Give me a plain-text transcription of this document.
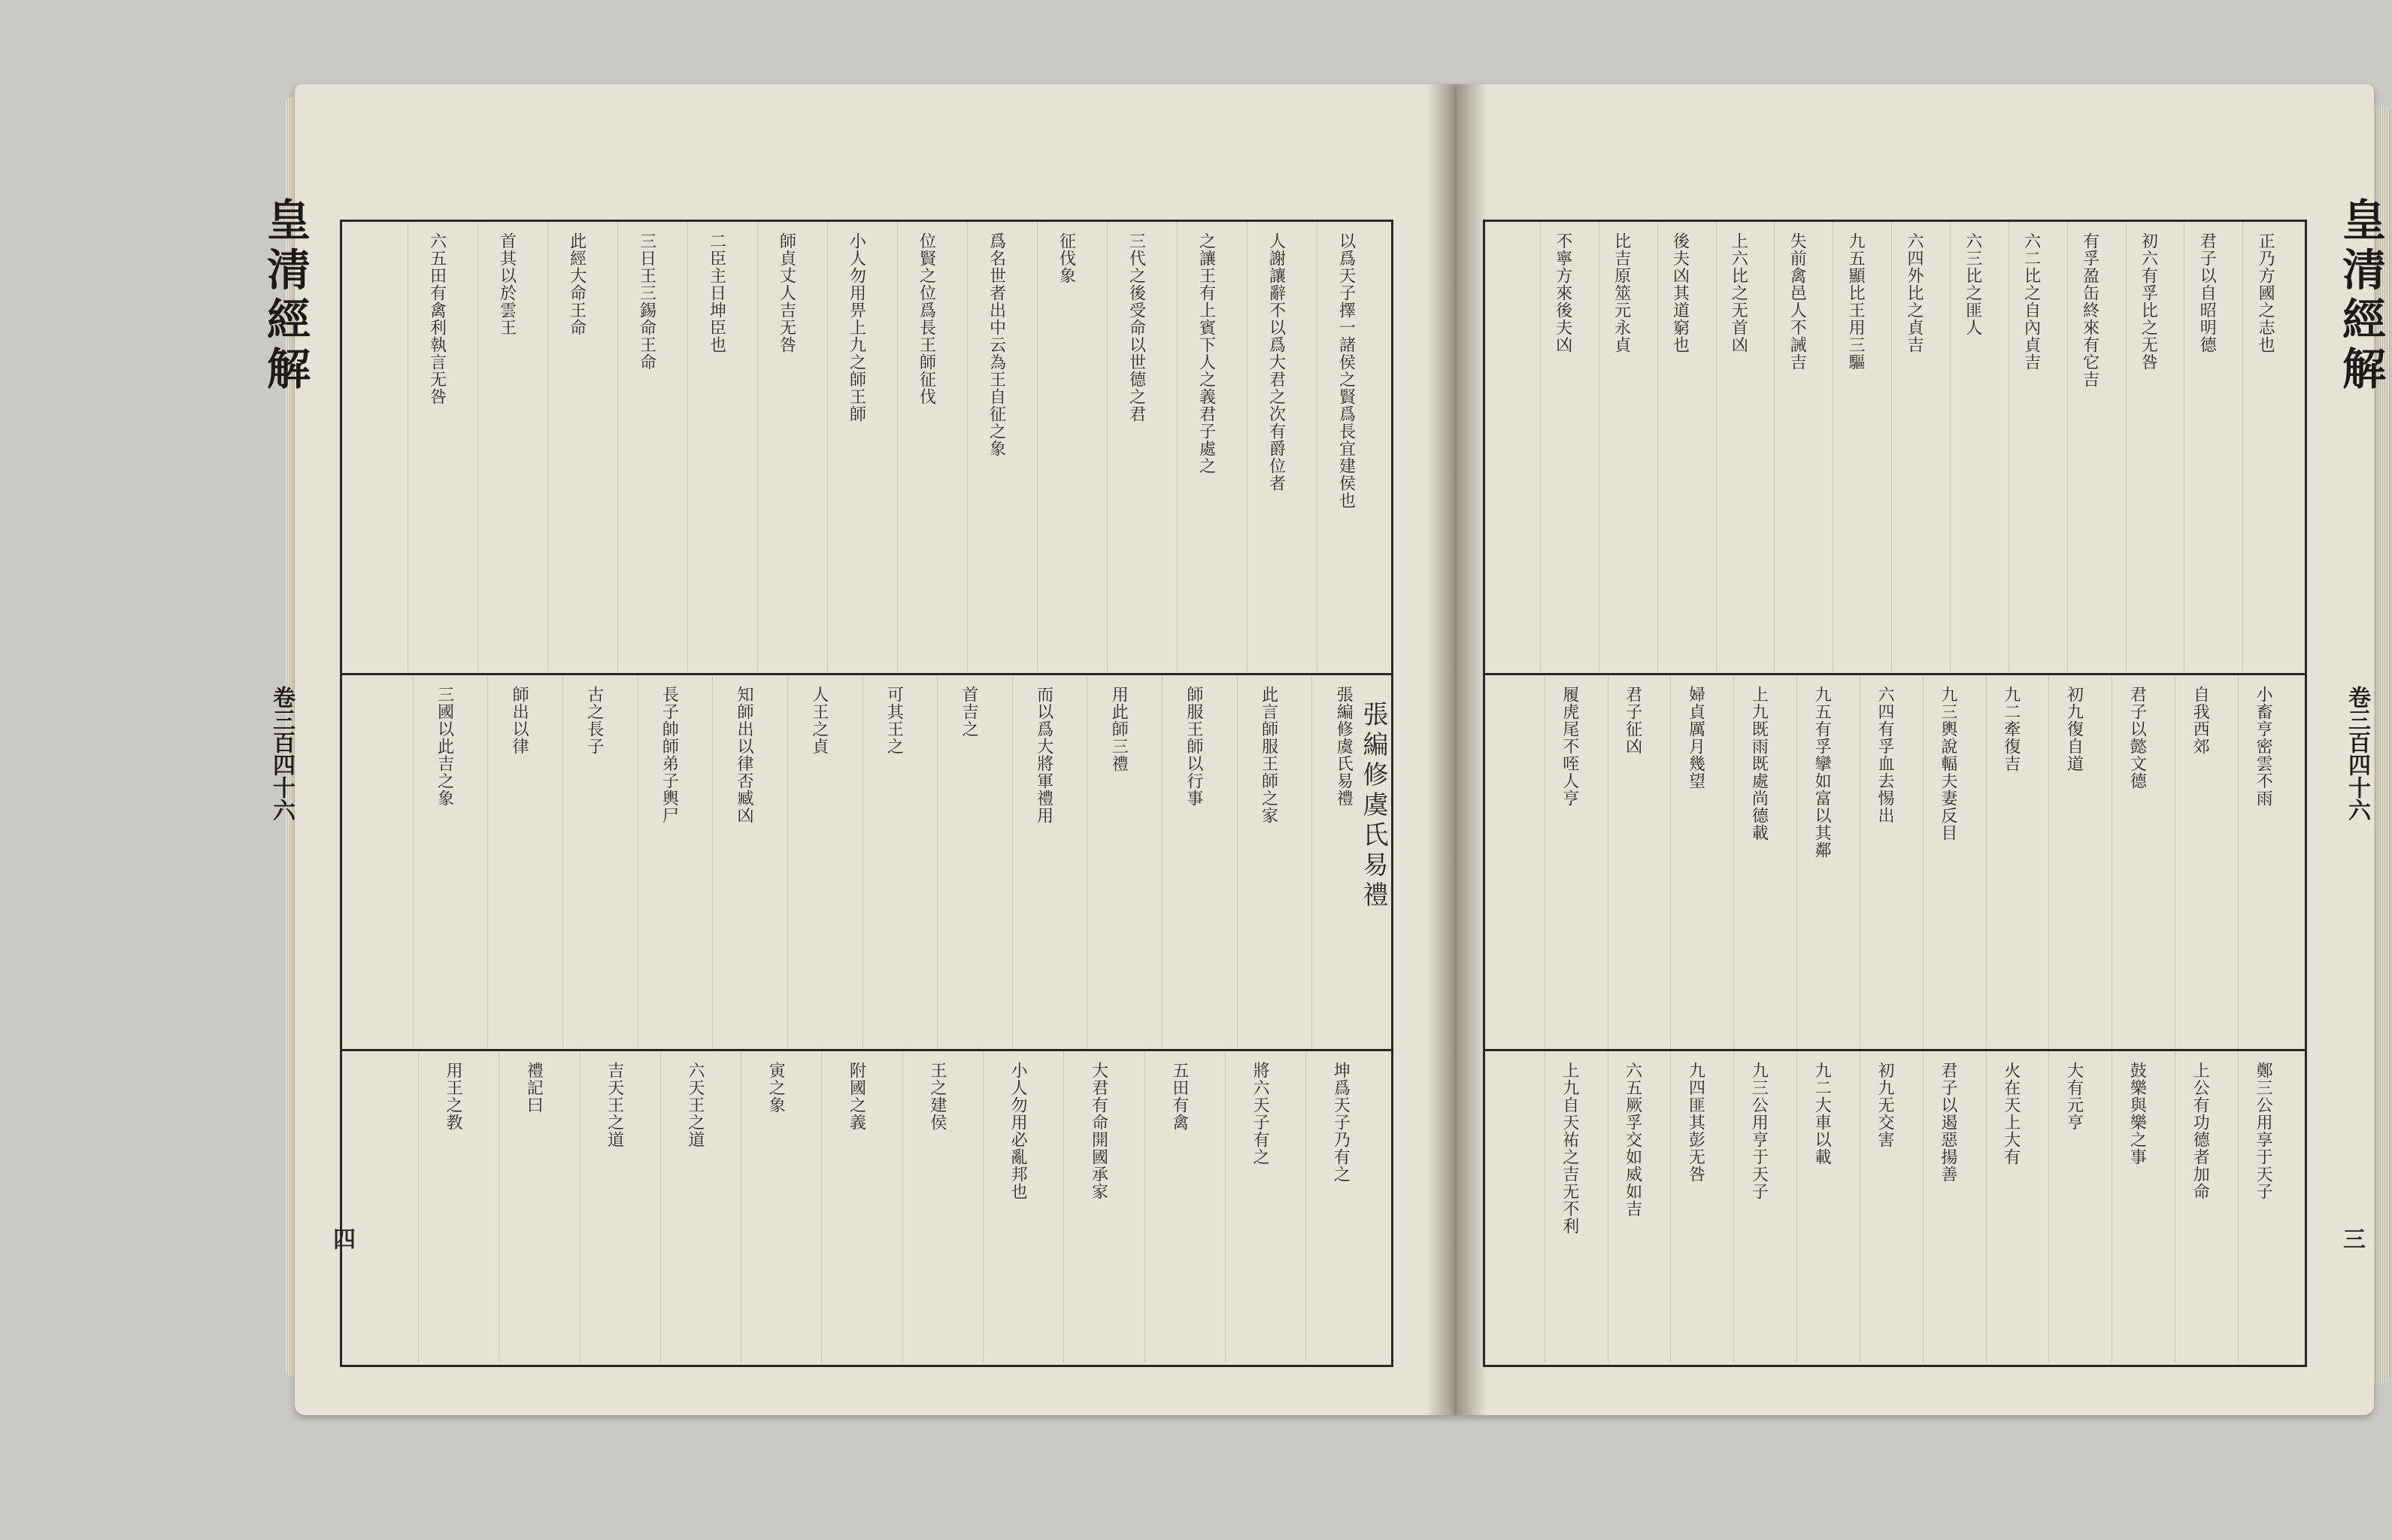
皇清經解
卷三百四十六
以爲天子擇一諸侯之賢爲長宜建侯也
人謝讓辭不以爲大君之次有爵位者
之讓王有上賓下人之義君子處之
三代之後受命以世德之君
征伐象
爲名世者出中云為王自征之象
位賢之位爲長王師征伐
小人勿用畀上九之師王師
師貞丈人吉无咎
二臣主日坤臣也
三日王三錫命王命
此經大命王命
首其以於雲王
六五田有禽利執言无咎
張編修虞氏易禮
此言師服王師之家
師服王師以行事
用此師三禮
而以爲大將軍禮用
首吉之
可其王之
人王之貞
知師出以律否臧凶
長子帥師弟子輿尸
古之長子
師出以律
三國以此吉之象
坤爲天子乃有之
將六天子有之
五田有禽
大君有命開國承家
小人勿用必亂邦也
王之建侯
附國之義
寅之象
六天王之道
吉天王之道
禮記曰
用王之教
張編修虞氏易禮
四
皇清經解
卷三百四十六
正乃方國之志也
君子以自昭明德
初六有孚比之无咎
有孚盈缶終來有它吉
六二比之自內貞吉
六三比之匪人
六四外比之貞吉
九五顯比王用三驅
失前禽邑人不誡吉
上六比之无首凶
後夫凶其道窮也
比吉原筮元永貞
不寧方來後夫凶
小畜亨密雲不雨
自我西郊
君子以懿文德
初九復自道
九二牽復吉
九三輿說輻夫妻反目
六四有孚血去惕出
九五有孚攣如富以其鄰
上九既雨既處尚德載
婦貞厲月幾望
君子征凶
履虎尾不咥人亨
鄭三公用享于天子
上公有功德者加命
鼓樂與樂之事
大有元亨
火在天上大有
君子以遏惡揚善
初九无交害
九二大車以載
九三公用亨于天子
九四匪其彭无咎
六五厥孚交如威如吉
上九自天祐之吉无不利
三
